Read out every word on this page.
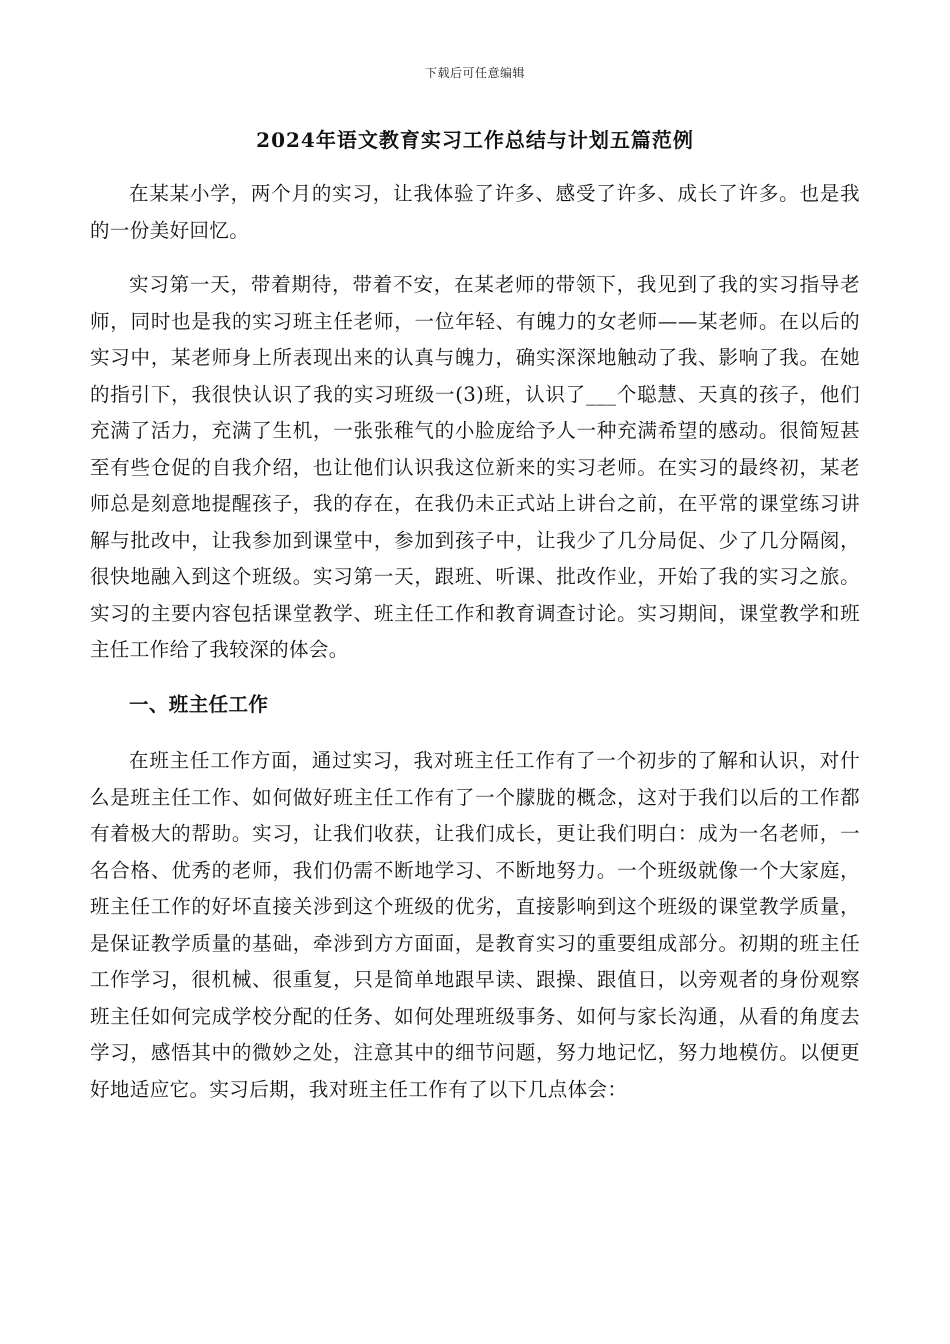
下载后可任意编辑
2024年语文教育实习工作总结与计划五篇范例

在某某小学，两个月的实习，让我体验了许多、感受了许多、成长了许多。也是我的一份美好回忆。

实习第一天，带着期待，带着不安，在某老师的带领下，我见到了我的实习指导老师，同时也是我的实习班主任老师，一位年轻、有魄力的女老师——某老师。在以后的实习中，某老师身上所表现出来的认真与魄力，确实深深地触动了我、影响了我。在她的指引下，我很快认识了我的实习班级一(3)班，认识了___个聪慧、天真的孩子，他们充满了活力，充满了生机，一张张稚气的小脸庞给予人一种充满希望的感动。很简短甚至有些仓促的自我介绍，也让他们认识我这位新来的实习老师。在实习的最终初，某老师总是刻意地提醒孩子，我的存在，在我仍未正式站上讲台之前，在平常的课堂练习讲解与批改中，让我参加到课堂中，参加到孩子中，让我少了几分局促、少了几分隔阂，很快地融入到这个班级。实习第一天，跟班、听课、批改作业，开始了我的实习之旅。实习的主要内容包括课堂教学、班主任工作和教育调查讨论。实习期间，课堂教学和班主任工作给了我较深的体会。

一、班主任工作

在班主任工作方面，通过实习，我对班主任工作有了一个初步的了解和认识，对什么是班主任工作、如何做好班主任工作有了一个朦胧的概念，这对于我们以后的工作都有着极大的帮助。实习，让我们收获，让我们成长，更让我们明白：成为一名老师，一名合格、优秀的老师，我们仍需不断地学习、不断地努力。一个班级就像一个大家庭，班主任工作的好坏直接关涉到这个班级的优劣，直接影响到这个班级的课堂教学质量，是保证教学质量的基础，牵涉到方方面面，是教育实习的重要组成部分。初期的班主任工作学习，很机械、很重复，只是简单地跟早读、跟操、跟值日，以旁观者的身份观察班主任如何完成学校分配的任务、如何处理班级事务、如何与家长沟通，从看的角度去学习，感悟其中的微妙之处，注意其中的细节问题，努力地记忆，努力地模仿。以便更好地适应它。实习后期，我对班主任工作有了以下几点体会：
